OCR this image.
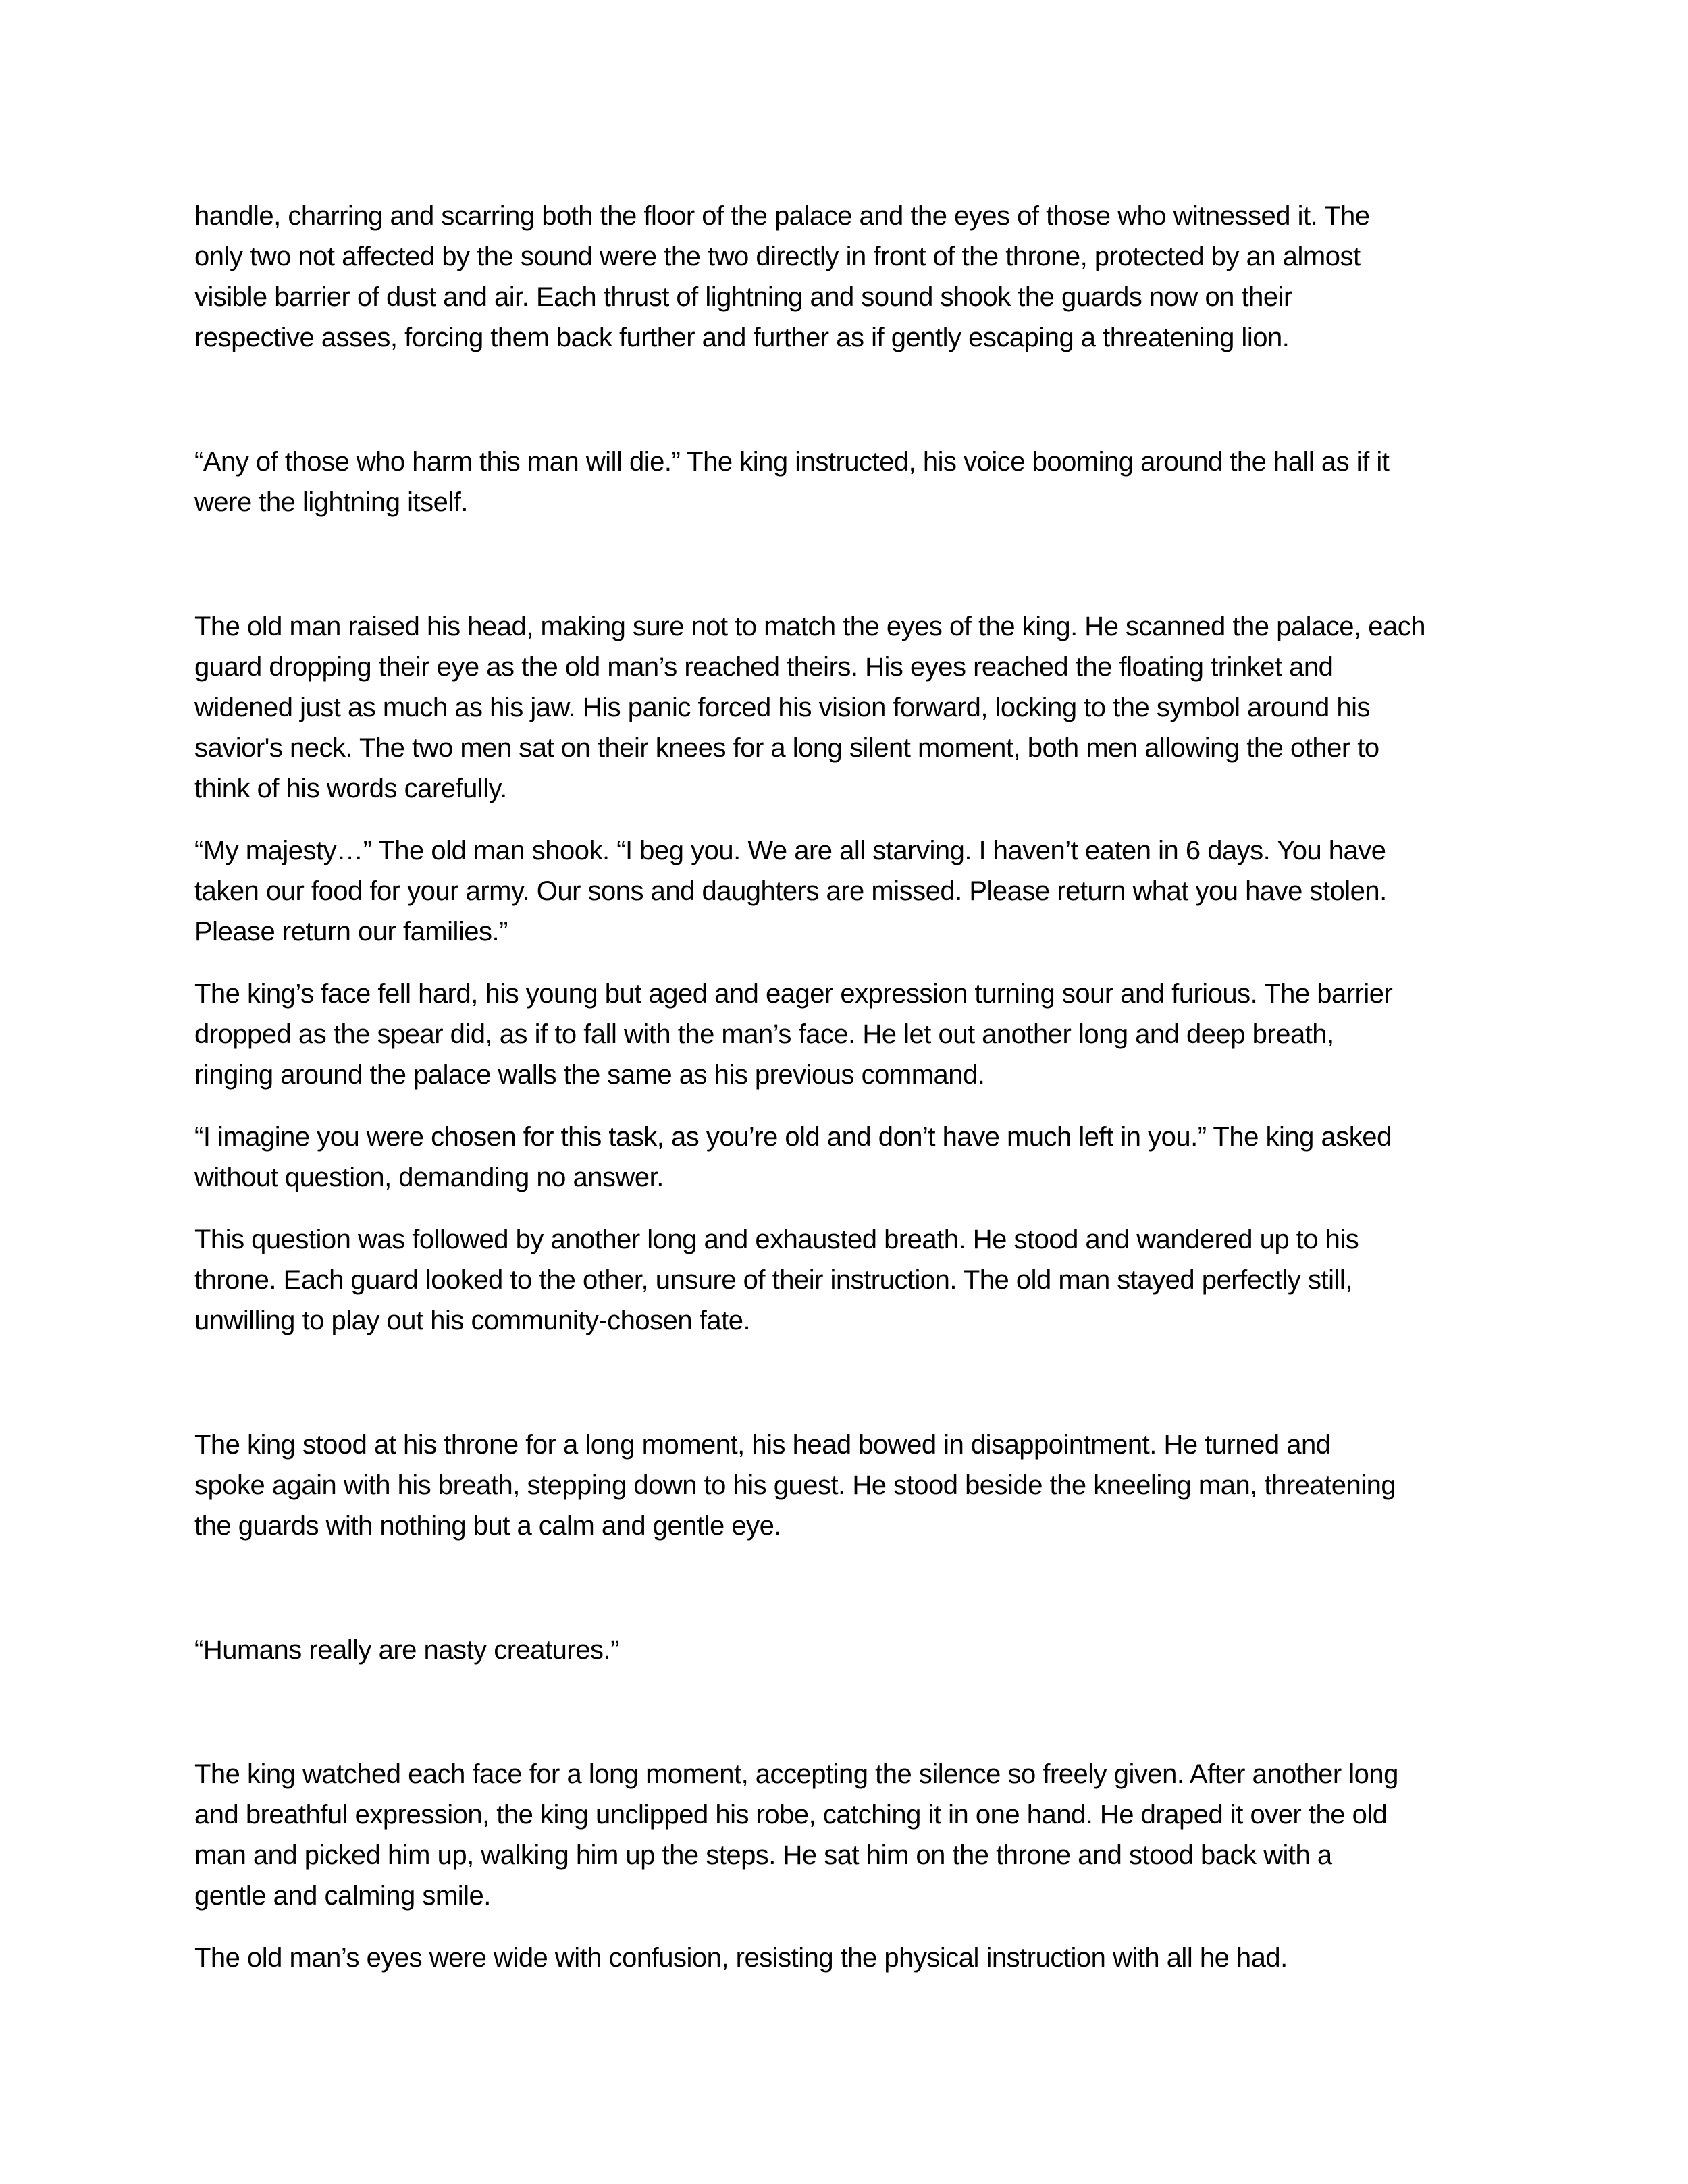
handle, charring and scarring both the floor of the palace and the eyes of those who witnessed it. The
only two not affected by the sound were the two directly in front of the throne, protected by an almost
visible barrier of dust and air. Each thrust of lightning and sound shook the guards now on their
respective asses, forcing them back further and further as if gently escaping a threatening lion.
“Any of those who harm this man will die.” The king instructed, his voice booming around the hall as if it
were the lightning itself.
The old man raised his head, making sure not to match the eyes of the king. He scanned the palace, each
guard dropping their eye as the old man’s reached theirs. His eyes reached the floating trinket and
widened just as much as his jaw. His panic forced his vision forward, locking to the symbol around his
savior's neck. The two men sat on their knees for a long silent moment, both men allowing the other to
think of his words carefully.
“My majesty…” The old man shook. “I beg you. We are all starving. I haven’t eaten in 6 days. You have
taken our food for your army. Our sons and daughters are missed. Please return what you have stolen.
Please return our families.”
The king’s face fell hard, his young but aged and eager expression turning sour and furious. The barrier
dropped as the spear did, as if to fall with the man’s face. He let out another long and deep breath,
ringing around the palace walls the same as his previous command.
“I imagine you were chosen for this task, as you’re old and don’t have much left in you.” The king asked
without question, demanding no answer.
This question was followed by another long and exhausted breath. He stood and wandered up to his
throne. Each guard looked to the other, unsure of their instruction. The old man stayed perfectly still,
unwilling to play out his community-chosen fate.
The king stood at his throne for a long moment, his head bowed in disappointment. He turned and
spoke again with his breath, stepping down to his guest. He stood beside the kneeling man, threatening
the guards with nothing but a calm and gentle eye.
“Humans really are nasty creatures.”
The king watched each face for a long moment, accepting the silence so freely given. After another long
and breathful expression, the king unclipped his robe, catching it in one hand. He draped it over the old
man and picked him up, walking him up the steps. He sat him on the throne and stood back with a
gentle and calming smile.
The old man’s eyes were wide with confusion, resisting the physical instruction with all he had.
